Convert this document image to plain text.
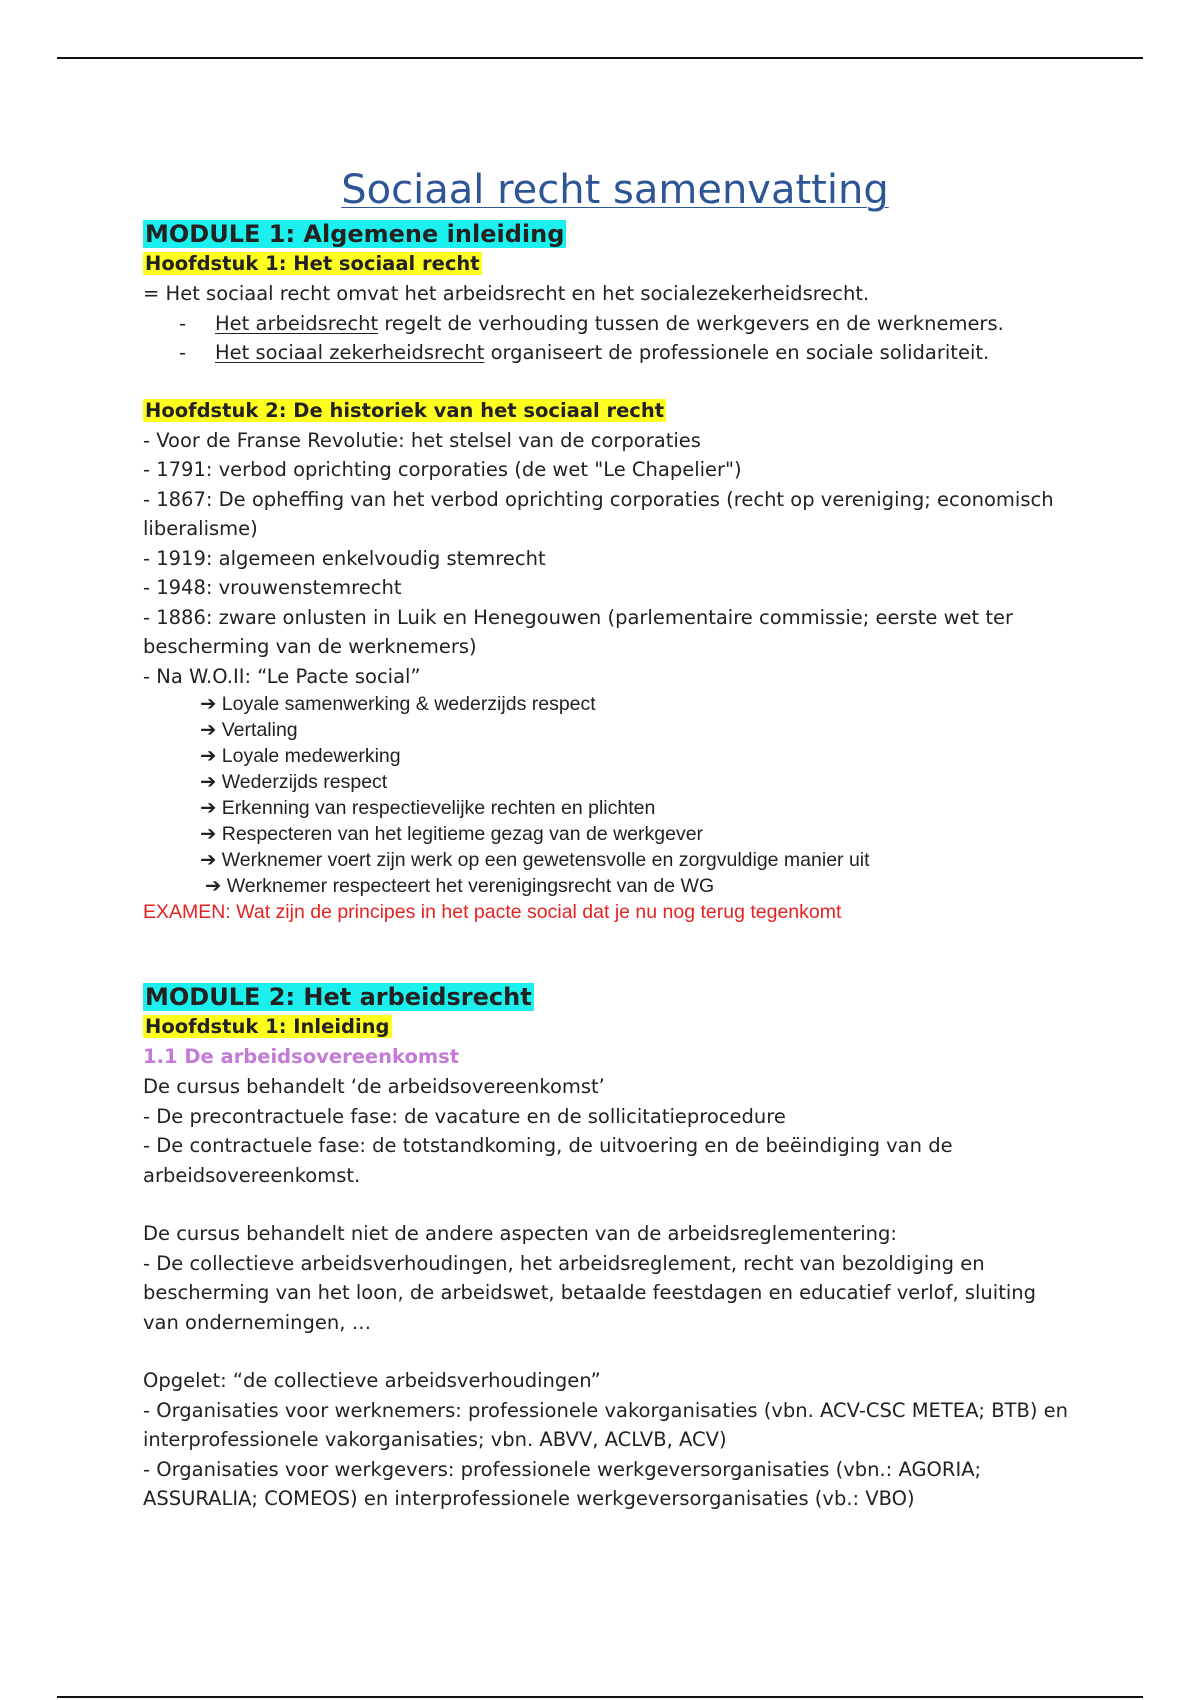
Sociaal recht samenvatting

MODULE 1: Algemene inleiding

Hoofdstuk 1: Het sociaal recht

= Het sociaal recht omvat het arbeidsrecht en het socialezekerheidsrecht.

- Het arbeidsrecht regelt de verhouding tussen de werkgevers en de werknemers.
- Het sociaal zekerheidsrecht organiseert de professionele en sociale solidariteit.

Hoofdstuk 2: De historiek van het sociaal recht

- Voor de Franse Revolutie: het stelsel van de corporaties

- 1791: verbod oprichting corporaties (de wet "Le Chapelier")

- 1867: De opheffing van het verbod oprichting corporaties (recht op vereniging; economisch liberalisme)

- 1919: algemeen enkelvoudig stemrecht

- 1948: vrouwenstemrecht

- 1886: zware onlusten in Luik en Henegouwen (parlementaire commissie; eerste wet ter bescherming van de werknemers)

- Na W.O.II: “Le Pacte social”

➔ Loyale samenwerking & wederzijds respect
➔ Vertaling
➔ Loyale medewerking
➔ Wederzijds respect
➔ Erkenning van respectievelijke rechten en plichten
➔ Respecteren van het legitieme gezag van de werkgever
➔ Werknemer voert zijn werk op een gewetensvolle en zorgvuldige manier uit
➔ Werknemer respecteert het verenigingsrecht van de WG

EXAMEN: Wat zijn de principes in het pacte social dat je nu nog terug tegenkomt

MODULE 2: Het arbeidsrecht

Hoofdstuk 1: Inleiding

1.1 De arbeidsovereenkomst

De cursus behandelt ‘de arbeidsovereenkomst’

- De precontractuele fase: de vacature en de sollicitatieprocedure

- De contractuele fase: de totstandkoming, de uitvoering en de beëindiging van de arbeidsovereenkomst.

De cursus behandelt niet de andere aspecten van de arbeidsreglementering:

- De collectieve arbeidsverhoudingen, het arbeidsreglement, recht van bezoldiging en bescherming van het loon, de arbeidswet, betaalde feestdagen en educatief verlof, sluiting van ondernemingen, …

Opgelet: “de collectieve arbeidsverhoudingen”

- Organisaties voor werknemers: professionele vakorganisaties (vbn. ACV-CSC METEA; BTB) en interprofessionele vakorganisaties; vbn. ABVV, ACLVB, ACV)

- Organisaties voor werkgevers: professionele werkgeversorganisaties (vbn.: AGORIA; ASSURALIA; COMEOS) en interprofessionele werkgeversorganisaties (vb.: VBO)
